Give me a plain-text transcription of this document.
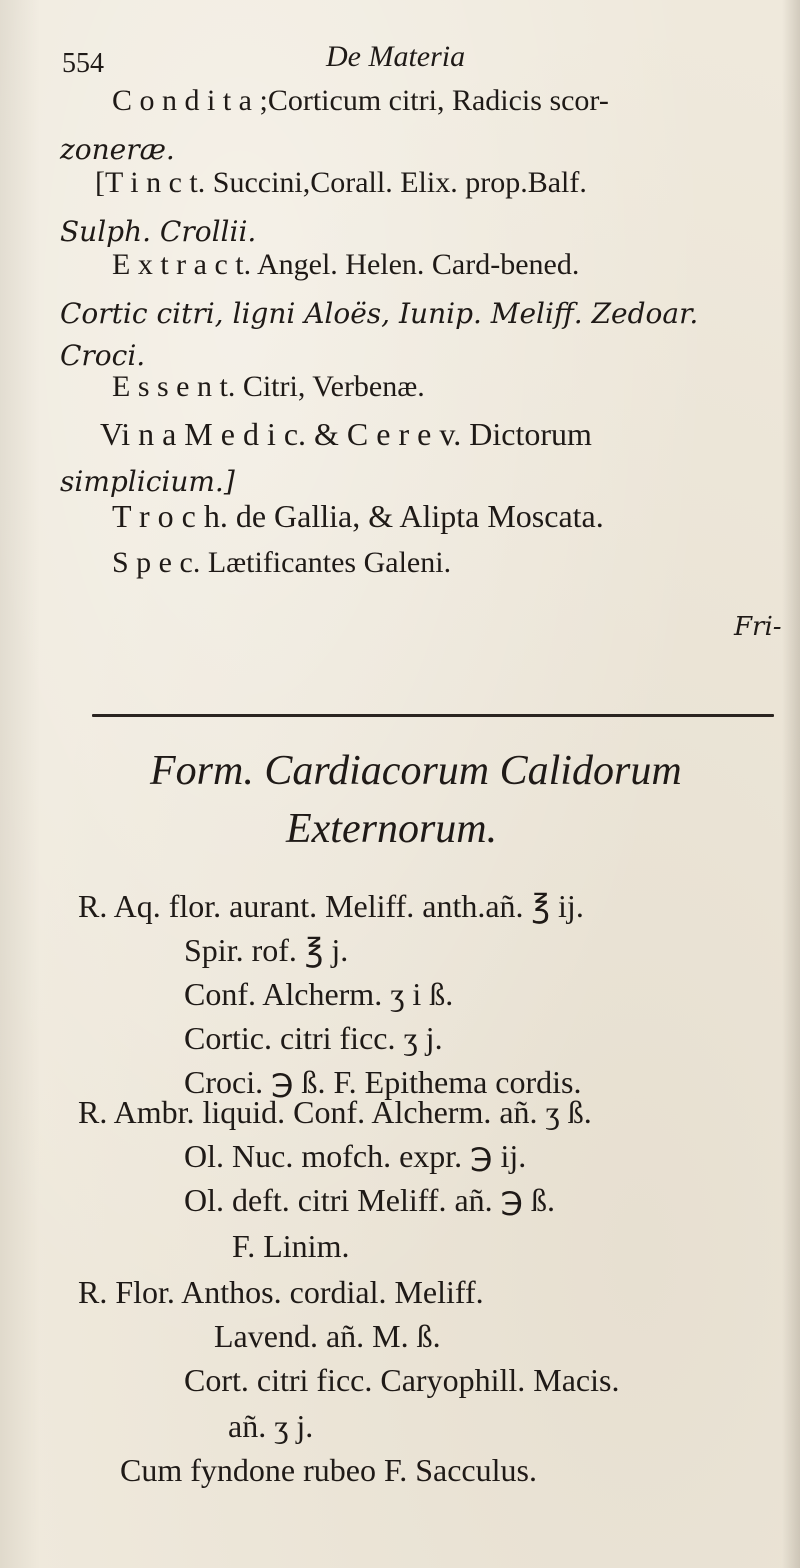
554	De Materia
C o n d i t a ;Corticum citri, Radicis scor-
zoneræ.
[T i n c t. Succini,Corall. Elix. prop.Balf.
Sulph. Crollii.
E x t r a c t. Angel. Helen. Card-bened.
Cortic citri, ligni Aloës, Iunip. Meliff. Zedoar.
Croci.
E s s e n t. Citri, Verbenæ.
Vi n a M e d i c. & C e r e v. Dictorum
simplicium.]
T r o c h. de Gallia, & Alipta Moscata.
S p e c. Lætificantes Galeni.
Fri-
Form. Cardiacorum Calidorum
Externorum.
R. Aq. flor. aurant. Meliff. anth.añ. ℥ ij.
Spir. rof. ℥ j.
Conf. Alcherm. ʒ i ß.
Cortic. citri ficc. ʒ j.
Croci. ℈ ß. F. Epithema cordis.
R. Ambr. liquid. Conf. Alcherm. añ. ʒ ß.
Ol. Nuc. mofch. expr. ℈ ij.
Ol. deft. citri Meliff. añ. ℈ ß.
F. Linim.
R. Flor. Anthos. cordial. Meliff.
Lavend. añ. M. ß.
Cort. citri ficc. Caryophill. Macis.
añ. ʒ j.
Cum fyndone rubeo F. Sacculus.
